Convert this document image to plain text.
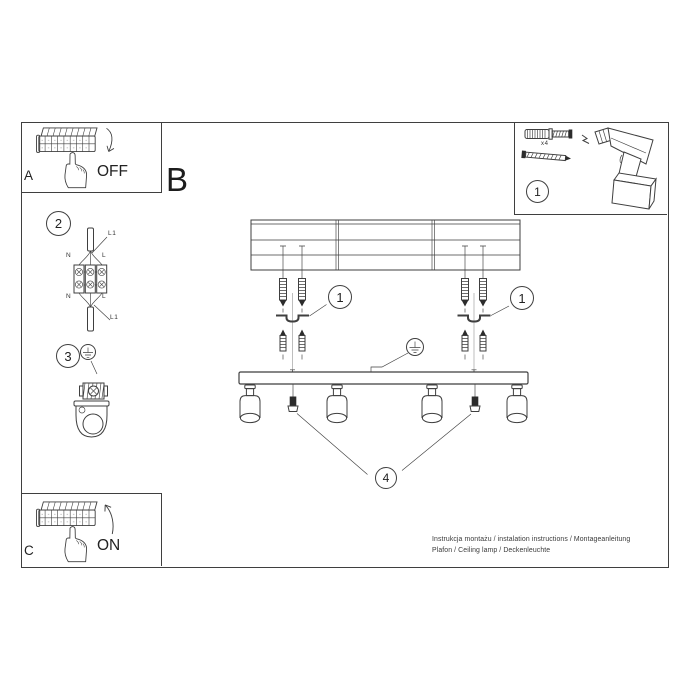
OFF
A	B
x4
1
2
N	L
N	L
L1
L1
3
1	1
4
ON
C
Instrukcja montażu / instalation instructions / Montageanleitung
Plafon / Ceiling lamp / Deckenleuchte
